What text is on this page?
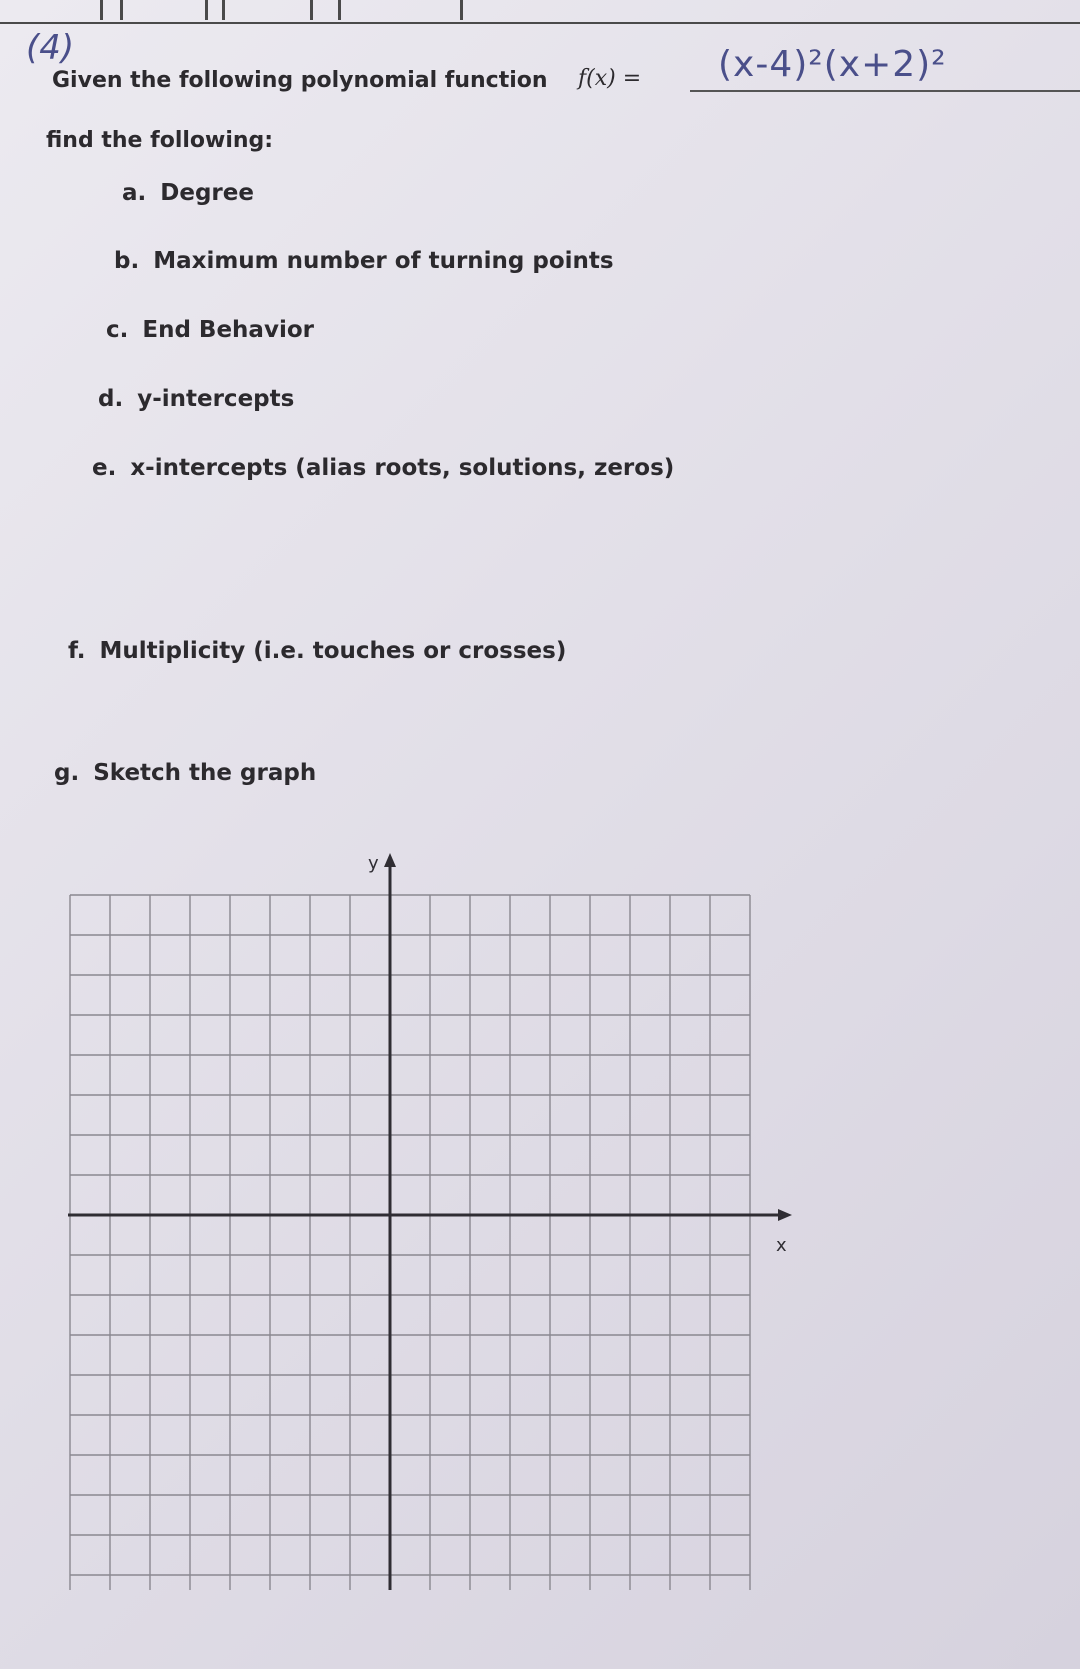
(4)
Given the following polynomial function f(x) = (x-4)²(x+2)²
find the following:
a. Degree
b. Maximum number of turning points
c. End Behavior
d. y-intercepts
e. x-intercepts (alias roots, solutions, zeros)
f. Multiplicity (i.e. touches or crosses)
g. Sketch the graph
x
y
